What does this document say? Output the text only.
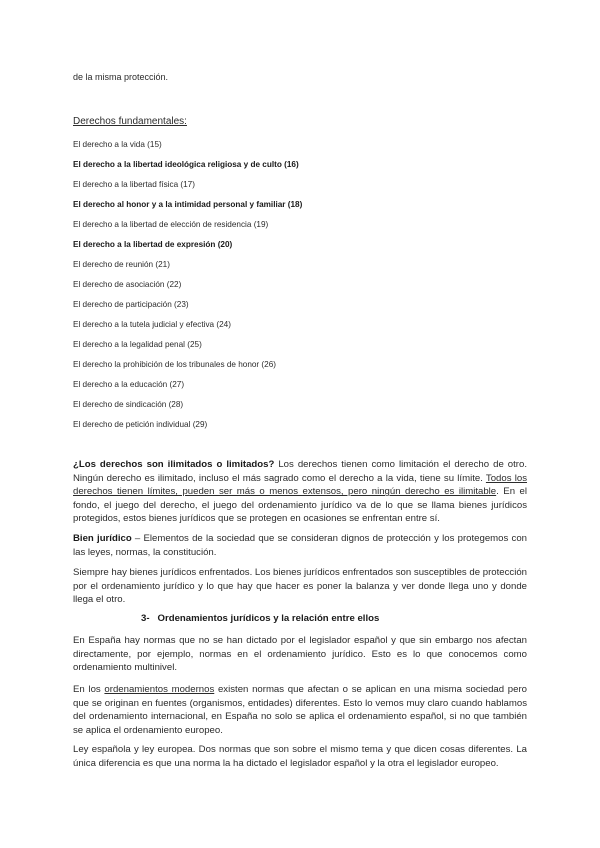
de la misma protección.

Derechos fundamentales:

El derecho a la vida (15)
El derecho a la libertad ideológica religiosa y de culto (16)
El derecho a la libertad física (17)
El derecho al honor y a la intimidad personal y familiar (18)
El derecho a la libertad de elección de residencia (19)
El derecho a la libertad de expresión (20)
El derecho de reunión (21)
El derecho de asociación (22)
El derecho de participación (23)
El derecho a la tutela judicial y efectiva (24)
El derecho a la legalidad penal (25)
El derecho la prohibición de los tribunales de honor (26)
El derecho a la educación (27)
El derecho de sindicación (28)
El derecho de petición individual (29)

¿Los derechos son ilimitados o limitados? Los derechos tienen como limitación el derecho de otro. Ningún derecho es ilimitado, incluso el más sagrado como el derecho a la vida, tiene su límite. Todos los derechos tienen límites, pueden ser más o menos extensos, pero ningún derecho es ilimitable. En el fondo, el juego del derecho, el juego del ordenamiento jurídico va de lo que se llama bienes jurídicos protegidos, estos bienes jurídicos que se protegen en ocasiones se enfrentan entre sí.

Bien jurídico – Elementos de la sociedad que se consideran dignos de protección y los protegemos con las leyes, normas, la constitución.

Siempre hay bienes jurídicos enfrentados. Los bienes jurídicos enfrentados son susceptibles de protección por el ordenamiento jurídico y lo que hay que hacer es poner la balanza y ver donde llega uno y donde llega el otro.

3-   Ordenamientos jurídicos y la relación entre ellos

En España hay normas que no se han dictado por el legislador español y que sin embargo nos afectan directamente, por ejemplo, normas en el ordenamiento jurídico. Esto es lo que conocemos como ordenamiento multinivel.

En los ordenamientos modernos existen normas que afectan o se aplican en una misma sociedad pero que se originan en fuentes (organismos, entidades) diferentes. Esto lo vemos muy claro cuando hablamos del ordenamiento internacional, en España no solo se aplica el ordenamiento español, si no que también se aplica el ordenamiento europeo.

Ley española y ley europea. Dos normas que son sobre el mismo tema y que dicen cosas diferentes. La única diferencia es que una norma la ha dictado el legislador español y la otra el legislador europeo.
